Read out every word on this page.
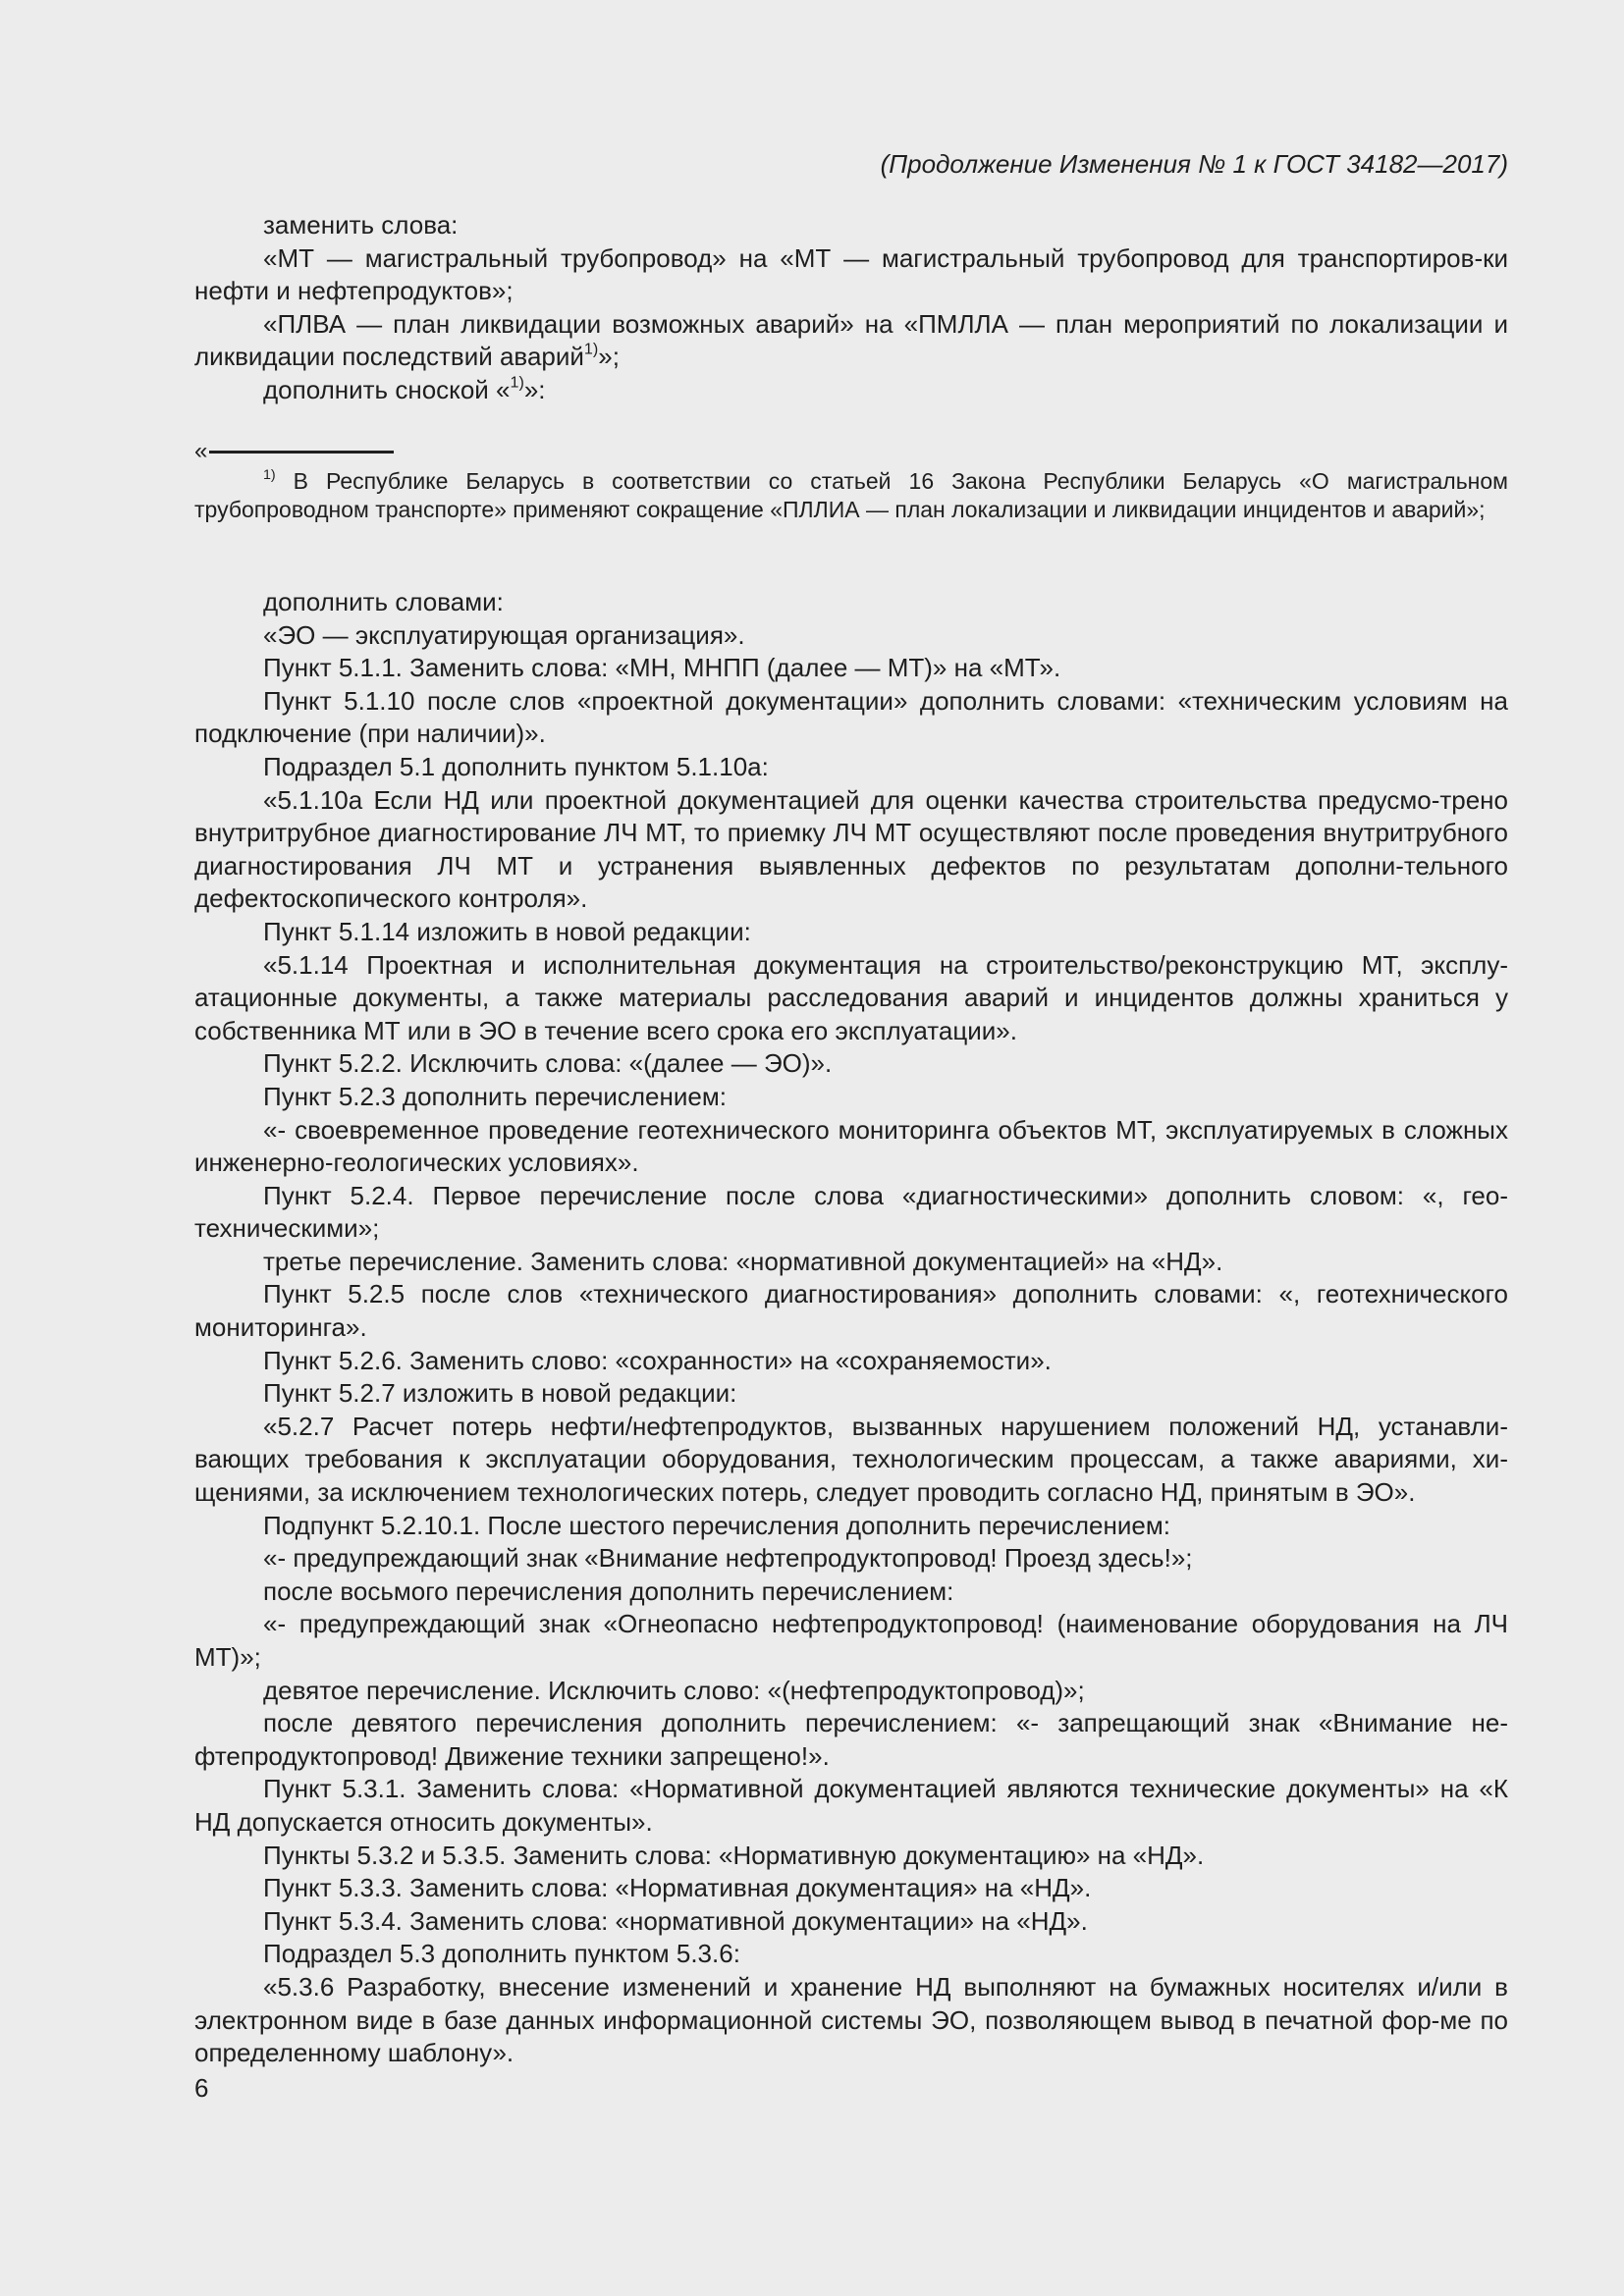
(Продолжение Изменения № 1 к ГОСТ 34182—2017)

заменить слова:

«МТ — магистральный трубопровод» на «МТ — магистральный трубопровод для транспортиров-ки нефти и нефтепродуктов»;

«ПЛВА — план ликвидации возможных аварий» на «ПМЛЛА — план мероприятий по локализации и ликвидации последствий аварий$^{1)}$»;

дополнить сноской «$^{1)}$»:

«

$^{1)}$ В Республике Беларусь в соответствии со статьей 16 Закона Республики Беларусь «О магистральном трубопроводном транспорте» применяют сокращение «ПЛЛИА — план локализации и ликвидации инцидентов и аварий»;

дополнить словами:

«ЭО — эксплуатирующая организация».

Пункт 5.1.1. Заменить слова: «МН, МНПП (далее — МТ)» на «МТ».

Пункт 5.1.10 после слов «проектной документации» дополнить словами: «техническим условиям на подключение (при наличии)».

Подраздел 5.1 дополнить пунктом 5.1.10а:

«5.1.10а Если НД или проектной документацией для оценки качества строительства предусмо-трено внутритрубное диагностирование ЛЧ МТ, то приемку ЛЧ МТ осуществляют после проведения внутритрубного диагностирования ЛЧ МТ и устранения выявленных дефектов по результатам дополни-тельного дефектоскопического контроля».

Пункт 5.1.14 изложить в новой редакции:

«5.1.14 Проектная и исполнительная документация на строительство/реконструкцию МТ, эксплу-атационные документы, а также материалы расследования аварий и инцидентов должны храниться у собственника МТ или в ЭО в течение всего срока его эксплуатации».

Пункт 5.2.2. Исключить слова: «(далее — ЭО)».

Пункт 5.2.3 дополнить перечислением:

«- своевременное проведение геотехнического мониторинга объектов МТ, эксплуатируемых в сложных инженерно-геологических условиях».

Пункт 5.2.4. Первое перечисление после слова «диагностическими» дополнить словом: «, гео-техническими»;

третье перечисление. Заменить слова: «нормативной документацией» на «НД».

Пункт 5.2.5 после слов «технического диагностирования» дополнить словами: «, геотехнического мониторинга».

Пункт 5.2.6. Заменить слово: «сохранности» на «сохраняемости».

Пункт 5.2.7 изложить в новой редакции:

«5.2.7 Расчет потерь нефти/нефтепродуктов, вызванных нарушением положений НД, устанавли-вающих требования к эксплуатации оборудования, технологическим процессам, а также авариями, хи-щениями, за исключением технологических потерь, следует проводить согласно НД, принятым в ЭО».

Подпункт 5.2.10.1. После шестого перечисления дополнить перечислением:

«- предупреждающий знак «Внимание нефтепродуктопровод! Проезд здесь!»;

после восьмого перечисления дополнить перечислением:

«- предупреждающий знак «Огнеопасно нефтепродуктопровод! (наименование оборудования на ЛЧ МТ)»;

девятое перечисление. Исключить слово: «(нефтепродуктопровод)»;

после девятого перечисления дополнить перечислением: «- запрещающий знак «Внимание не-фтепродуктопровод! Движение техники запрещено!».

Пункт 5.3.1. Заменить слова: «Нормативной документацией являются технические документы» на «К НД допускается относить документы».

Пункты 5.3.2 и 5.3.5. Заменить слова: «Нормативную документацию» на «НД».

Пункт 5.3.3. Заменить слова: «Нормативная документация» на «НД».

Пункт 5.3.4. Заменить слова: «нормативной документации» на «НД».

Подраздел 5.3 дополнить пунктом 5.3.6:

«5.3.6 Разработку, внесение изменений и хранение НД выполняют на бумажных носителях и/или в электронном виде в базе данных информационной системы ЭО, позволяющем вывод в печатной фор-ме по определенному шаблону».

6
